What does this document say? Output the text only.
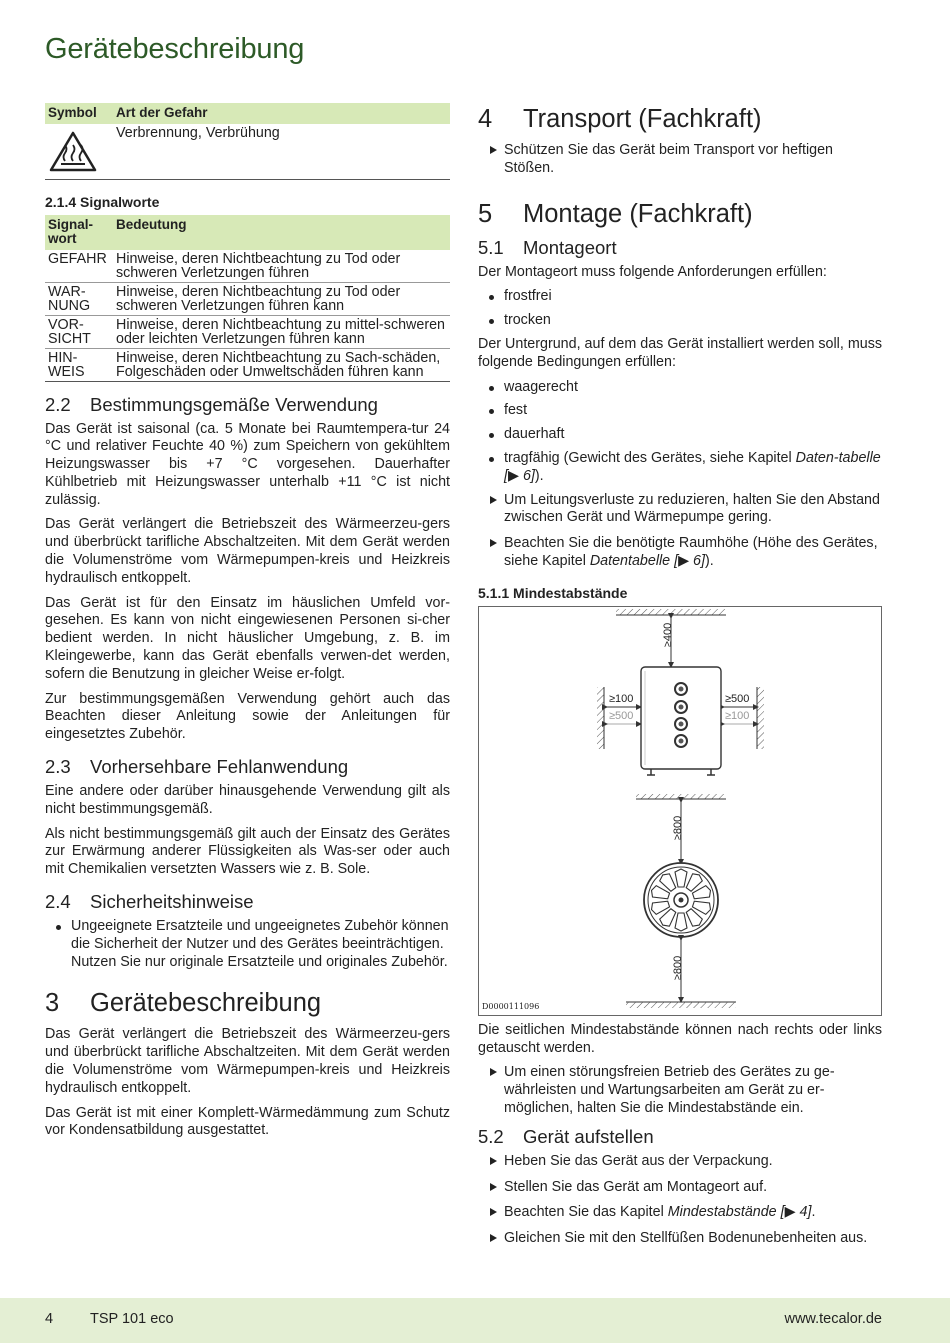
Gerätebeschreibung
Symbol	Art der Gefahr
	Verbrennung, Verbrühung
2.1.4 Signalworte
Signal-wort	Bedeutung
GEFAHR	Hinweise, deren Nichtbeachtung zu Tod oder schweren Verletzungen führen
WAR-NUNG	Hinweise, deren Nichtbeachtung zu Tod oder schweren Verletzungen führen kann
VOR-SICHT	Hinweise, deren Nichtbeachtung zu mittel-schweren oder leichten Verletzungen führen kann
HIN-WEIS	Hinweise, deren Nichtbeachtung zu Sach-schäden, Folgeschäden oder Umweltschäden führen kann
2.2	Bestimmungsgemäße Verwendung

Das Gerät ist saisonal (ca. 5 Monate bei Raumtempera-tur 24 °C und relativer Feuchte 40 %) zum Speichern von gekühltem Heizungswasser bis +7 °C vorgesehen. Dauerhafter Kühlbetrieb mit Heizungswasser unterhalb +11 °C ist nicht zulässig.

Das Gerät verlängert die Betriebszeit des Wärmeerzeu-gers und überbrückt tarifliche Abschaltzeiten. Mit dem Gerät werden die Volumenströme vom Wärmepumpen-kreis und Heizkreis hydraulisch entkoppelt.

Das Gerät ist für den Einsatz im häuslichen Umfeld vor-gesehen. Es kann von nicht eingewiesenen Personen si-cher bedient werden. In nicht häuslicher Umgebung, z. B. im Kleingewerbe, kann das Gerät ebenfalls verwen-det werden, sofern die Benutzung in gleicher Weise er-folgt.

Zur bestimmungsgemäßen Verwendung gehört auch das Beachten dieser Anleitung sowie der Anleitungen für eingesetztes Zubehör.

2.3	Vorhersehbare Fehlanwendung

Eine andere oder darüber hinausgehende Verwendung gilt als nicht bestimmungsgemäß.

Als nicht bestimmungsgemäß gilt auch der Einsatz des Gerätes zur Erwärmung anderer Flüssigkeiten als Was-ser oder auch mit Chemikalien versetzten Wassers wie z. B. Sole.

2.4	Sicherheitshinweise
Ungeeignete Ersatzteile und ungeeignetes Zubehör können die Sicherheit der Nutzer und des Gerätes beeinträchtigen. Nutzen Sie nur originale Ersatzteile und originales Zubehör.
3	Gerätebeschreibung

Das Gerät verlängert die Betriebszeit des Wärmeerzeu-gers und überbrückt tarifliche Abschaltzeiten. Mit dem Gerät werden die Volumenströme vom Wärmepumpen-kreis und Heizkreis hydraulisch entkoppelt.

Das Gerät ist mit einer Komplett-Wärmedämmung zum Schutz vor Kondensatbildung ausgestattet.

4	Transport (Fachkraft)
Schützen Sie das Gerät beim Transport vor heftigen Stößen.
5	Montage (Fachkraft)
5.1	Montageort

Der Montageort muss folgende Anforderungen erfüllen:

frostfrei
trocken

Der Untergrund, auf dem das Gerät installiert werden soll, muss folgende Bedingungen erfüllen:

waagerecht
fest
dauerhaft
tragfähig (Gewicht des Gerätes, siehe Kapitel Daten-tabelle [▶ 6]).
Um Leitungsverluste zu reduzieren, halten Sie den Abstand zwischen Gerät und Wärmepumpe gering.
Beachten Sie die benötigte Raumhöhe (Höhe des Gerätes, siehe Kapitel Datentabelle [▶ 6]).
5.1.1 Mindestabstände
≥400
≥100
≥500
≥500
≥100
≥800
≥800
D0000111096

Die seitlichen Mindestabstände können nach rechts oder links getauscht werden.

Um einen störungsfreien Betrieb des Gerätes zu ge-währleisten und Wartungsarbeiten am Gerät zu er-möglichen, halten Sie die Mindestabstände ein.
5.2	Gerät aufstellen
Heben Sie das Gerät aus der Verpackung.
Stellen Sie das Gerät am Montageort auf.
Beachten Sie das Kapitel Mindestabstände [▶ 4].
Gleichen Sie mit den Stellfüßen Bodenunebenheiten aus.
4	TSP 101 eco	www.tecalor.de
